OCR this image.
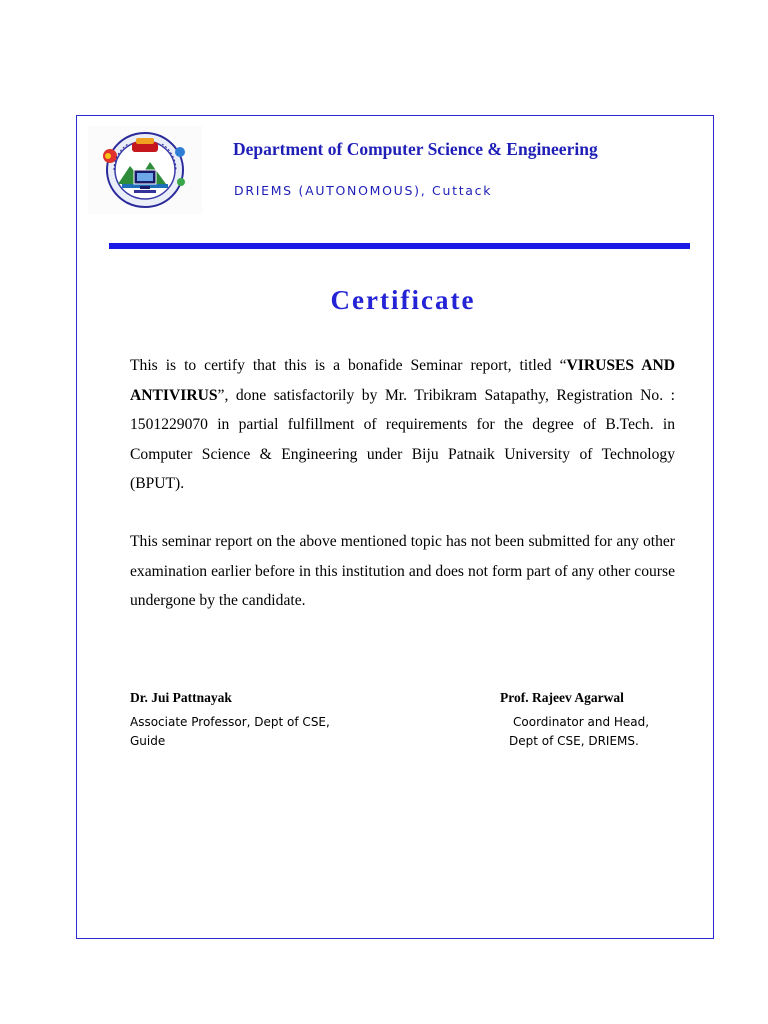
Department of Computer Science & Engineering
DRIEMS (AUTONOMOUS), Cuttack
Certificate

This is to certify that this is a bonafide Seminar report, titled “VIRUSES AND ANTIVIRUS”, done satisfactorily by Mr. Tribikram Satapathy, Registration No. : 1501229070 in partial fulfillment of requirements for the degree of B.Tech. in Computer Science & Engineering under Biju Patnaik University of Technology (BPUT).

This seminar report on the above mentioned topic has not been submitted for any other examination earlier before in this institution and does not form part of any other course undergone by the candidate.

Dr. Jui Pattnayak
Associate Professor, Dept of CSE,
Guide
Prof. Rajeev Agarwal
Coordinator and Head,
Dept of CSE, DRIEMS.
